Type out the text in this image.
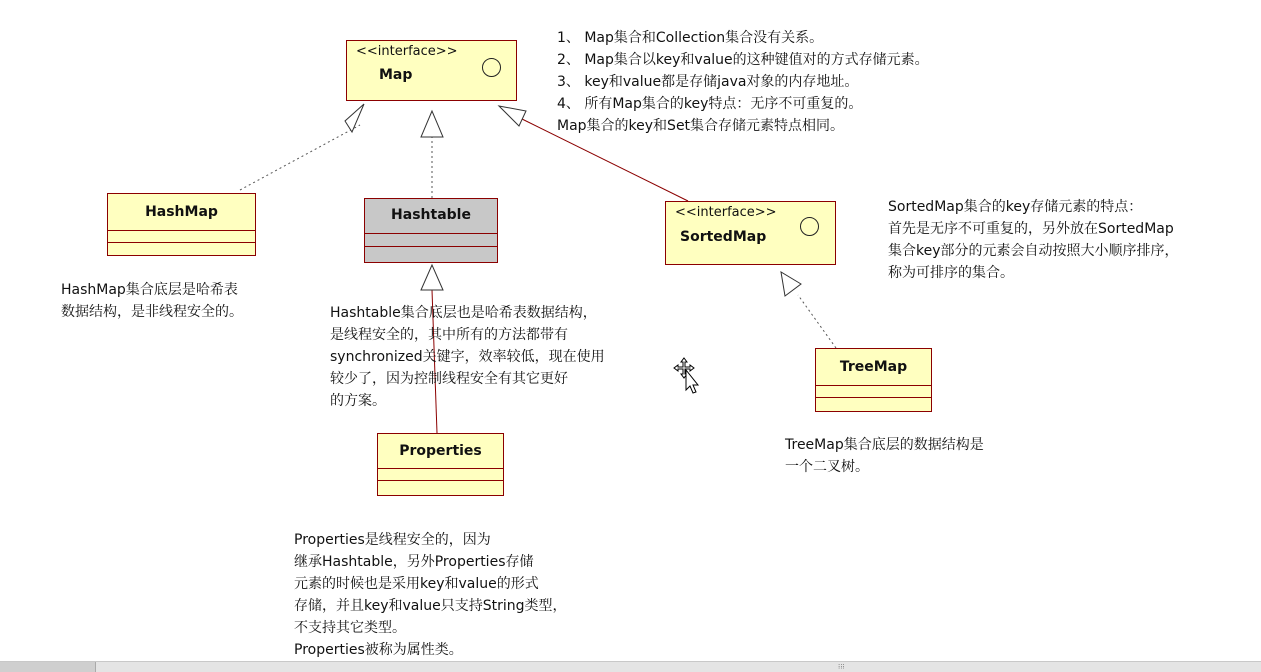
<<interface>>
Map
HashMap	Hashtable	<<interface>>
SortedMap
TreeMap
Properties

1、 Map集合和Collection集合没有关系。

2、 Map集合以key和value的这种键值对的方式存储元素。

3、 key和value都是存储java对象的内存地址。

4、 所有Map集合的key特点：无序不可重复的。

Map集合的key和Set集合存储元素特点相同。

SortedMap集合的key存储元素的特点：

首先是无序不可重复的，另外放在SortedMap

集合key部分的元素会自动按照大小顺序排序，

称为可排序的集合。

HashMap集合底层是哈希表

数据结构，是非线程安全的。	Hashtable集合底层也是哈希表数据结构，

是线程安全的，其中所有的方法都带有

synchronized关键字，效率较低，现在使用

较少了，因为控制线程安全有其它更好

的方案。

TreeMap集合底层的数据结构是

一个二叉树。

Properties是线程安全的，因为

继承Hashtable，另外Properties存储

元素的时候也是采用key和value的形式

存储，并且key和value只支持String类型，

不支持其它类型。

Properties被称为属性类。

⁝⁝⁝
